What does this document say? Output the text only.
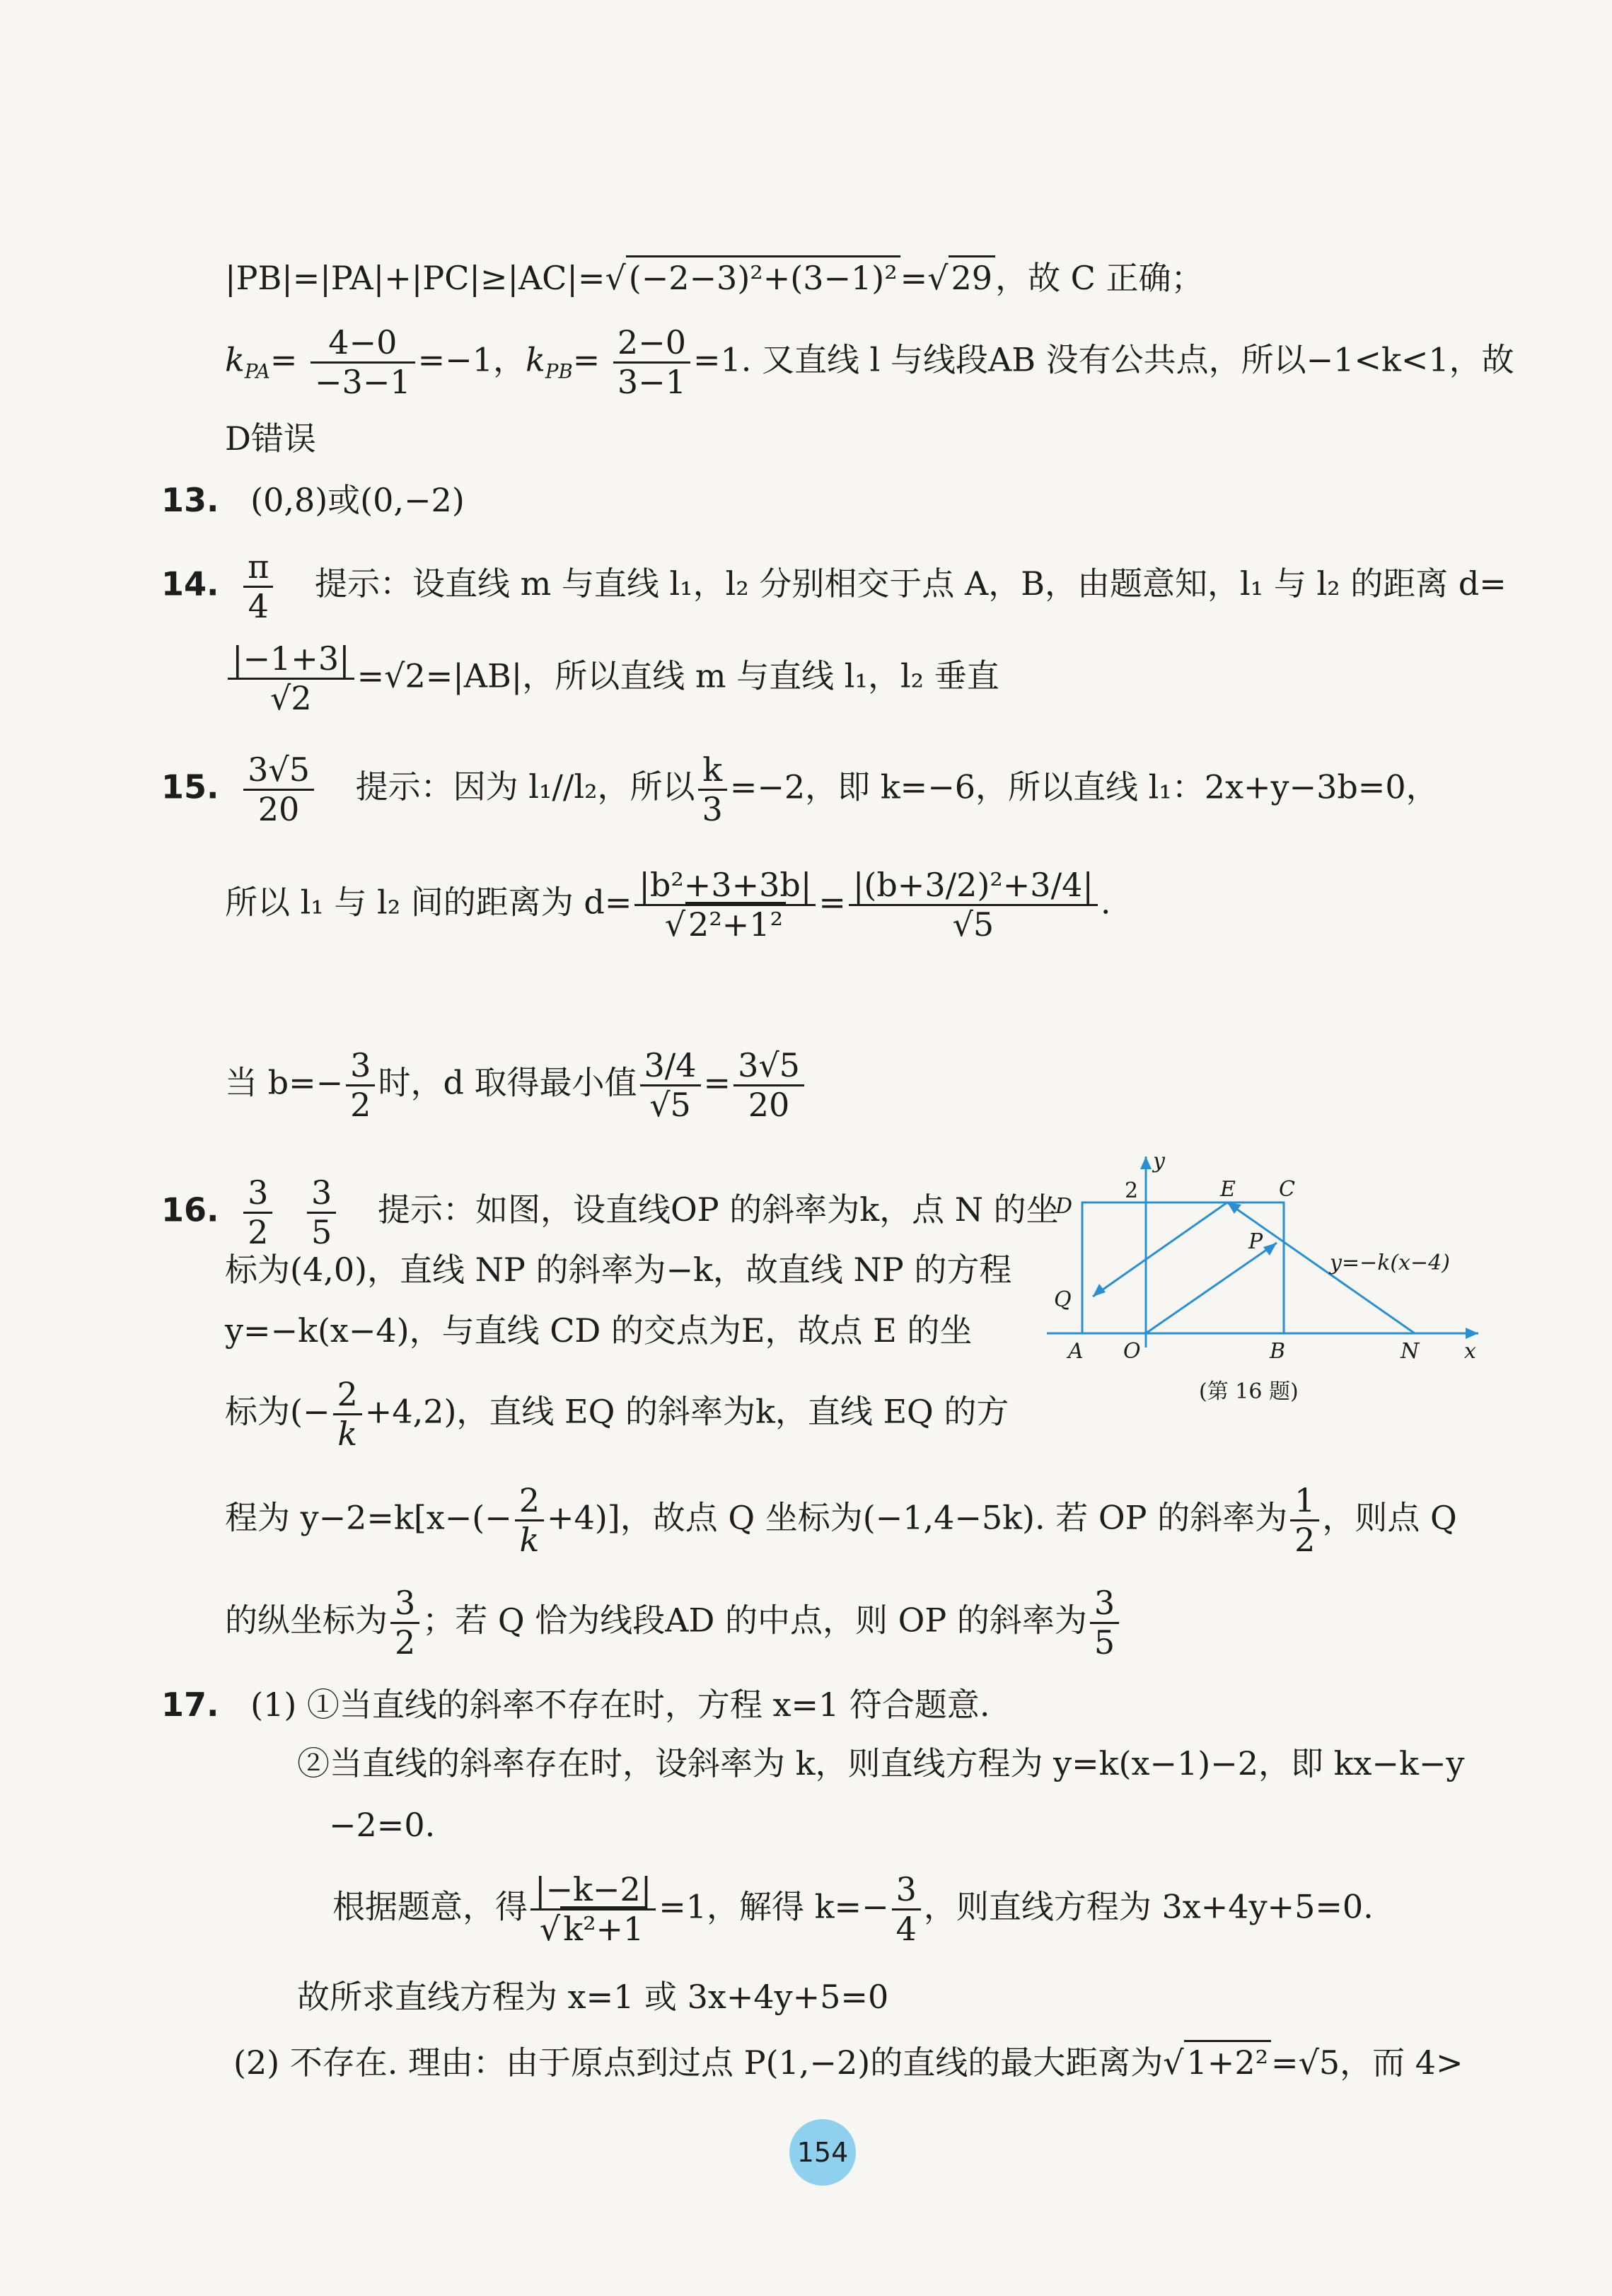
|PB|=|PA|+|PC|≥|AC|=√(−2−3)²+(3−1)²=√29，故 C 正确；
$k_{PA}= \frac{4-0}{-3-1} =-1$，$k_{PB}= \frac{2-0}{3-1} =1$. 又直线 l 与线段AB 没有公共点，所以−1<k<1，故
D错误
13. (0,8)或(0,−2)
14. $\frac{\pi}{4}$ 提示：设直线 m 与直线 l₁，l₂ 分别相交于点 A，B，由题意知，l₁ 与 l₂ 的距离 d=
$\frac{|-1+3|}{√2} =√2=|AB|$，所以直线 m 与直线 l₁，l₂ 垂直
15. $\frac{3√5}{20}$ 提示：因为 l₁//l₂，所以 $\frac{k}{3} =-2$，即 k=−6，所以直线 l₁：2x+y−3b=0，
所以 l₁ 与 l₂ 间的距离为 $d= \frac{\text{|b²+3+3b|}}{\text{√2²+1²}} = \frac{\text{|(b+3/2)²+3/4|}}{√5}$ .
当 $b=- \frac{3}{2}$ 时，d 取得最小值 $\frac{3/4}{√5} = \frac{3√5}{20}$
16. $\frac{3}{2}$
$\frac{3}{5}$ 提示：如图，设直线OP 的斜率为k，点 N 的坐
标为(4,0)，直线 NP 的斜率为−k，故直线 NP 的方程
y=−k(x−4)，与直线 CD 的交点为E，故点 E 的坐
标为(− $\frac{2}{k} +4,2$)，直线 EQ 的斜率为k，直线 EQ 的方
程为 $y-2=k[x-(- \frac{2}{k} +4)]$，故点 Q 坐标为(−1,4−5k). 若 OP 的斜率为 $\frac{1}{2}$ ，则点 Q
的纵坐标为 $\frac{3}{2}$ ；若 Q 恰为线段AD 的中点，则 OP 的斜率为 $\frac{3}{5}$
y
x
2
D
E C
P
Q
A O	B	N
y=−k(x−4)
(第 16 题)
17. (1) ①当直线的斜率不存在时，方程 x=1 符合题意.
②当直线的斜率存在时，设斜率为 k，则直线方程为 y=k(x−1)−2，即 kx−k−y
−2=0.
根据题意，得 $\frac{|-k-2|}{\text{√k²+1}} =1$，解得 $k=- \frac{3}{4}$ ，则直线方程为 3x+4y+5=0.
故所求直线方程为 x=1 或 3x+4y+5=0
(2) 不存在. 理由：由于原点到过点 P(1,−2)的直线的最大距离为√1+2²=√5，而 4>
154
